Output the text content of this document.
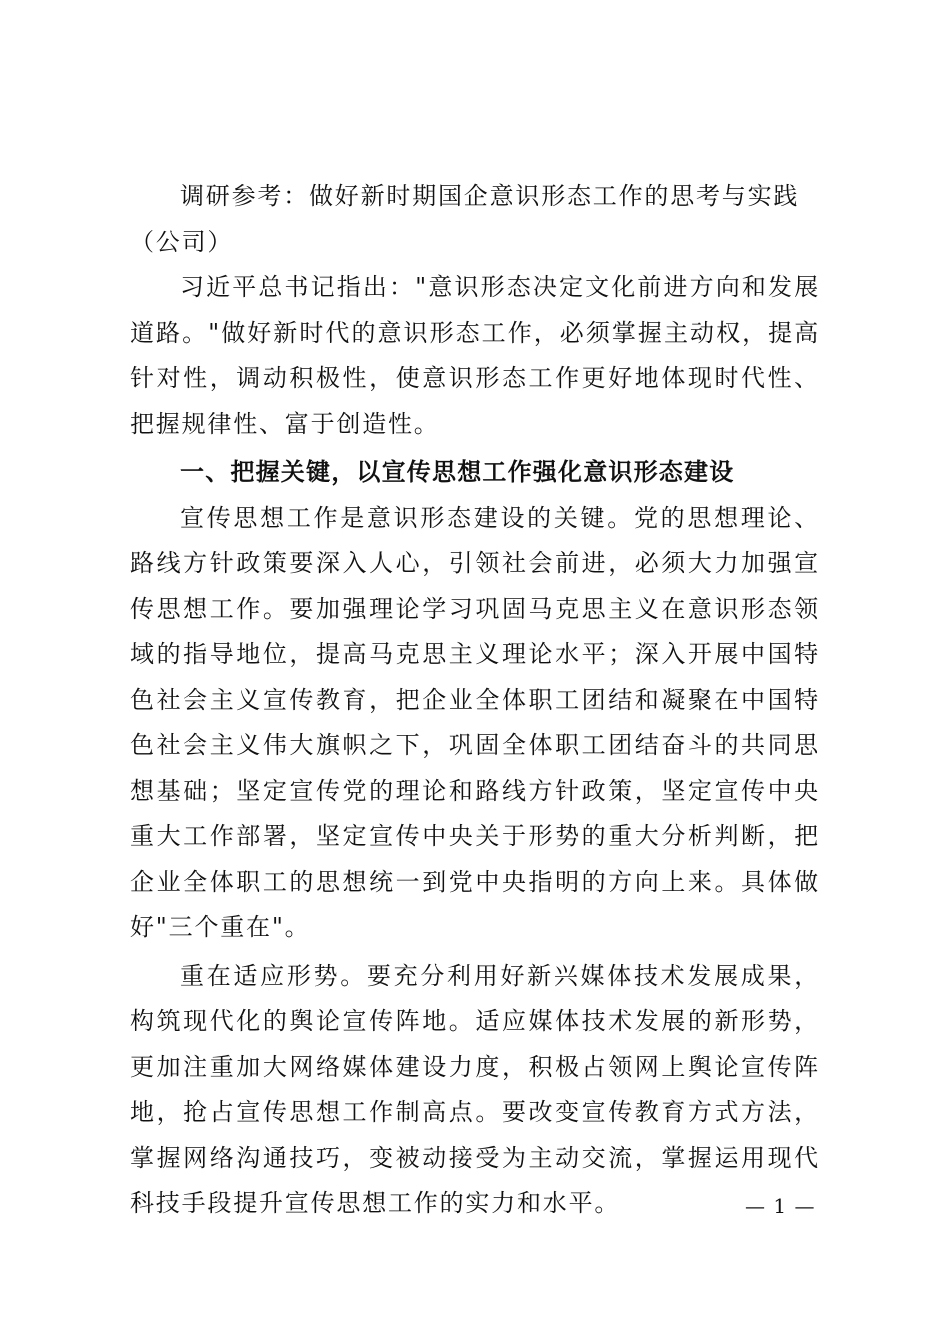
调研参考：做好新时期国企意识形态工作的思考与实践（公司）

习近平总书记指出："意识形态决定文化前进方向和发展道路。"做好新时代的意识形态工作，必须掌握主动权，提高针对性，调动积极性，使意识形态工作更好地体现时代性、把握规律性、富于创造性。

一、把握关键，以宣传思想工作强化意识形态建设

宣传思想工作是意识形态建设的关键。党的思想理论、路线方针政策要深入人心，引领社会前进，必须大力加强宣传思想工作。要加强理论学习巩固马克思主义在意识形态领域的指导地位，提高马克思主义理论水平；深入开展中国特色社会主义宣传教育，把企业全体职工团结和凝聚在中国特色社会主义伟大旗帜之下，巩固全体职工团结奋斗的共同思想基础；坚定宣传党的理论和路线方针政策，坚定宣传中央重大工作部署，坚定宣传中央关于形势的重大分析判断，把企业全体职工的思想统一到党中央指明的方向上来。具体做好"三个重在"。

重在适应形势。要充分利用好新兴媒体技术发展成果，构筑现代化的舆论宣传阵地。适应媒体技术发展的新形势，更加注重加大网络媒体建设力度，积极占领网上舆论宣传阵地，抢占宣传思想工作制高点。要改变宣传教育方式方法，掌握网络沟通技巧，变被动接受为主动交流，掌握运用现代科技手段提升宣传思想工作的实力和水平。	— 1 —
